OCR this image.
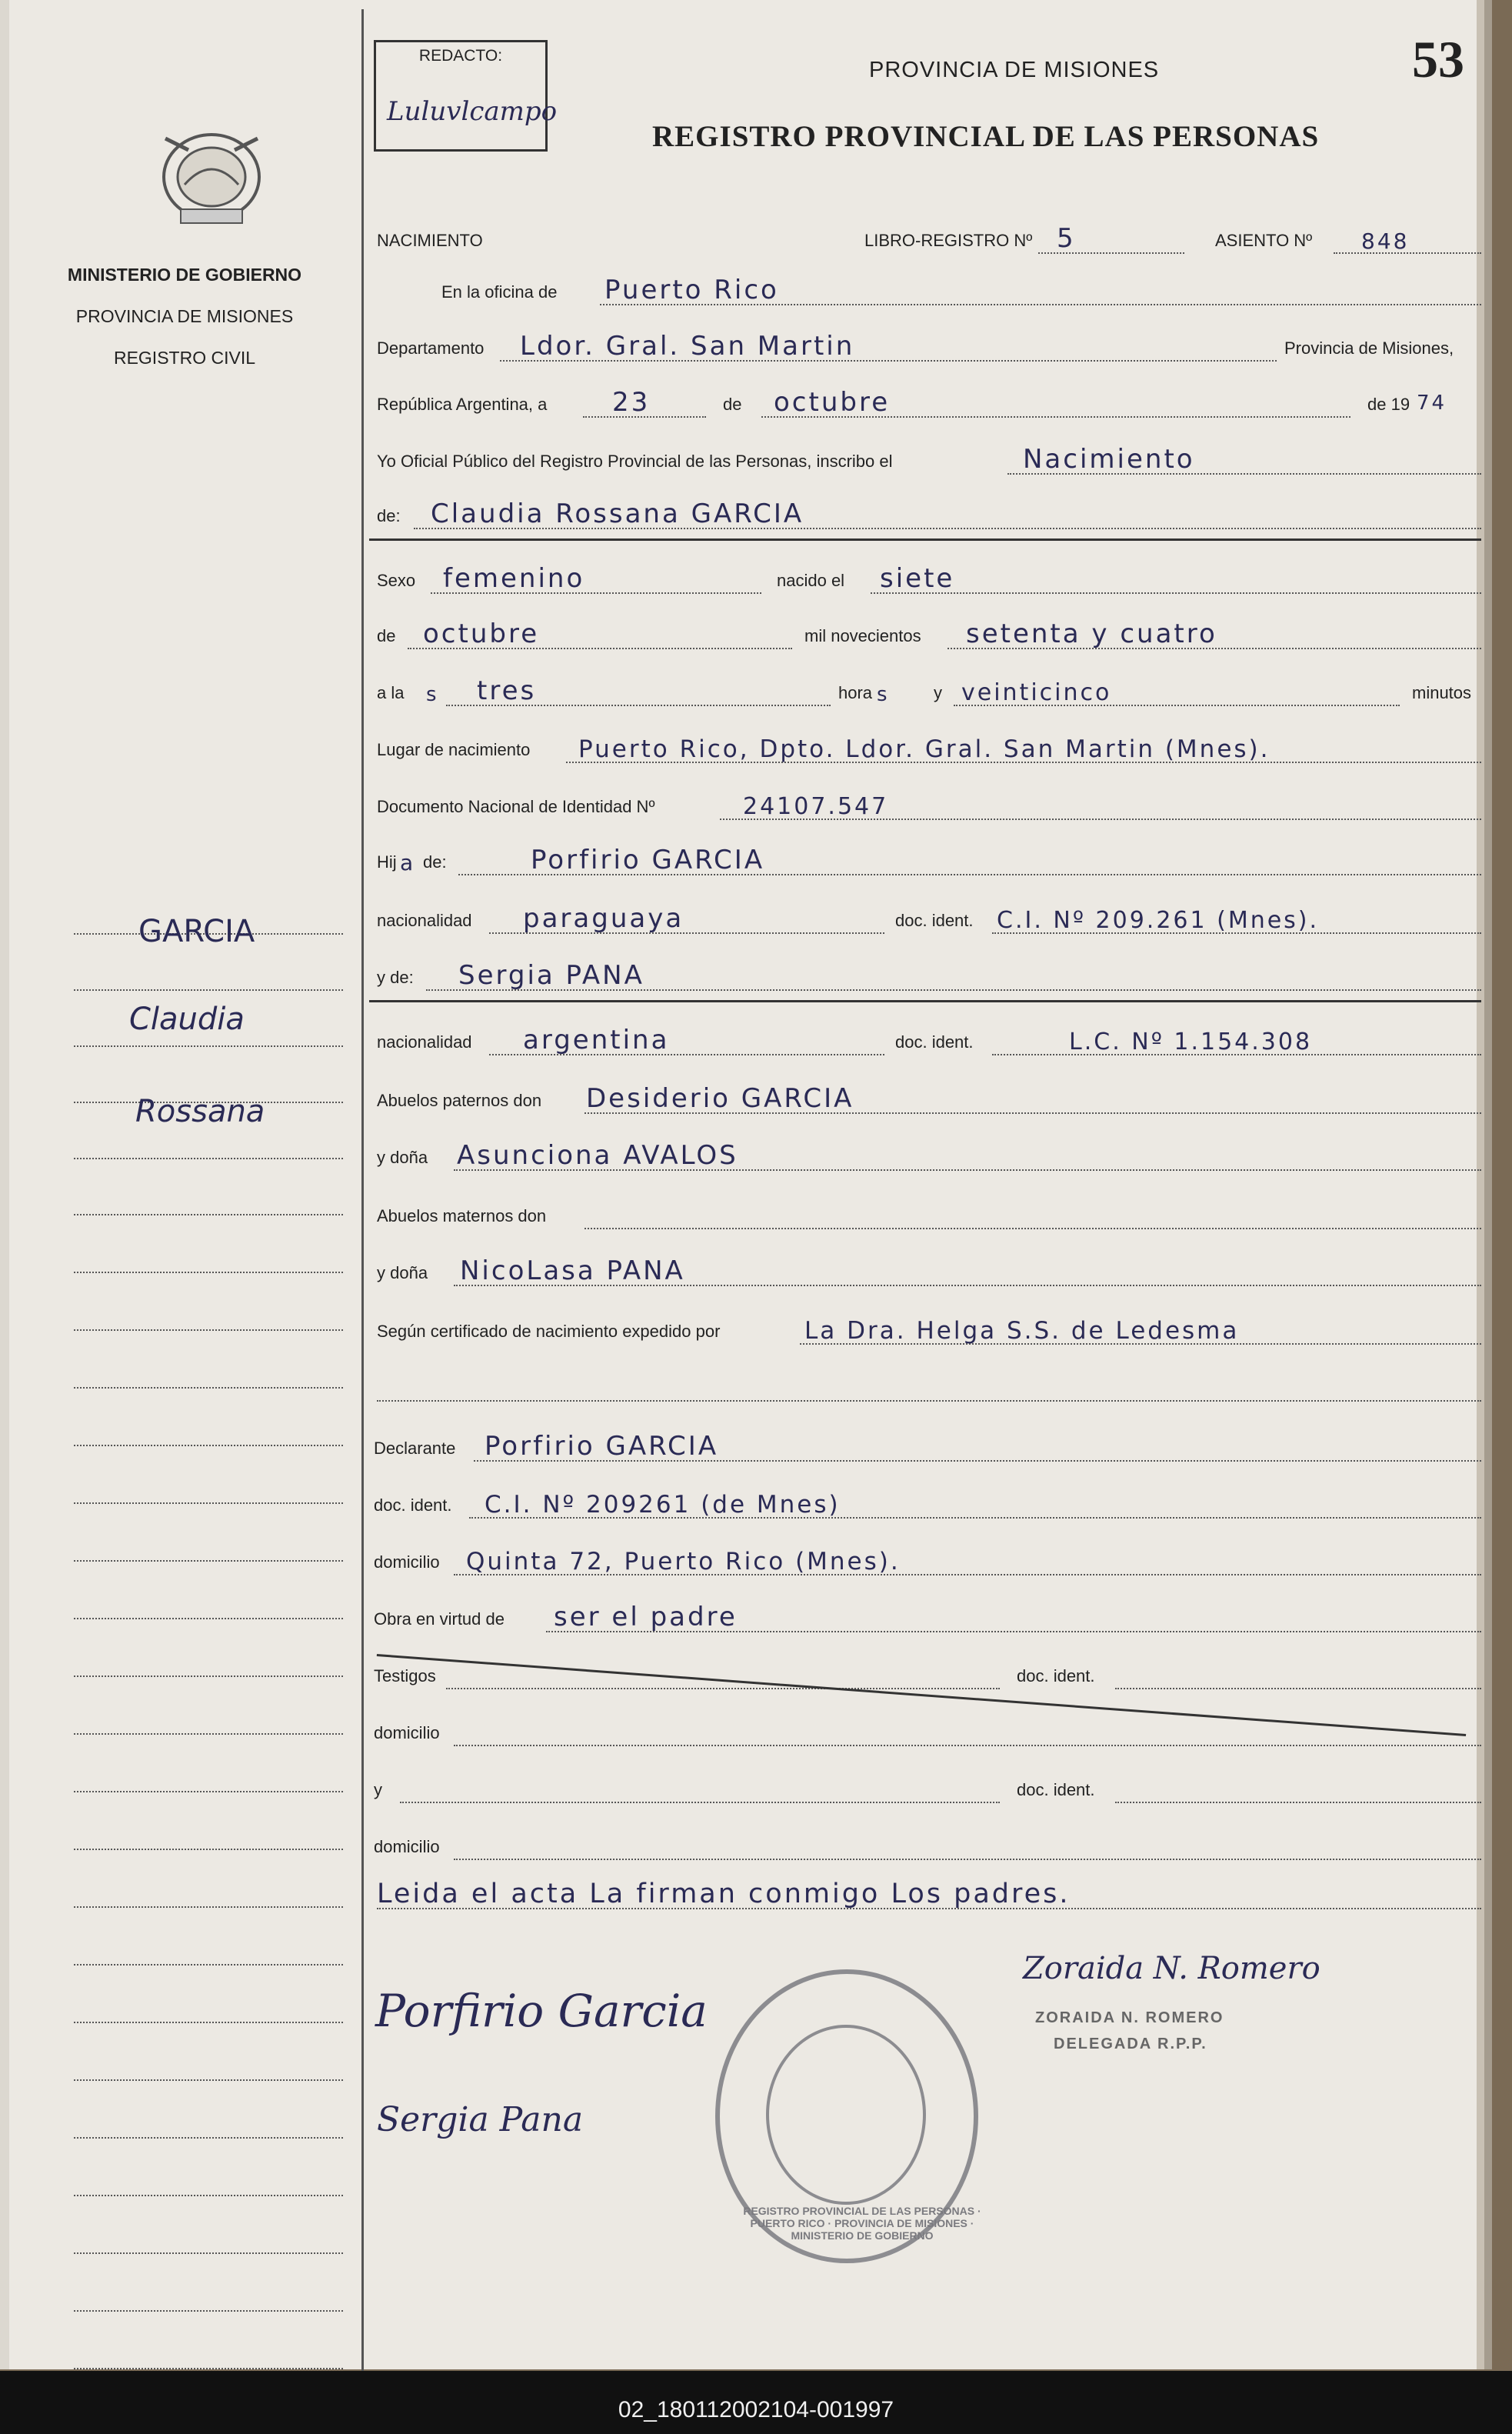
MINISTERIO DE GOBIERNO
PROVINCIA DE MISIONES
REGISTRO CIVIL
GARCIA
Claudia
Rossana
REDACTO:
Luluvlcampo
PROVINCIA DE MISIONES
REGISTRO PROVINCIAL DE LAS PERSONAS
53
NACIMIENTO	LIBRO-REGISTRO Nº 5	ASIENTO Nº 848
En la oficina de Puerto Rico
Departamento Ldor. Gral. San Martin	Provincia de Misiones,
República Argentina, a 23	de octubre	de 19 74
Yo Oficial Público del Registro Provincial de las Personas, inscribo el	Nacimiento
de: Claudia Rossana GARCIA
Sexo femenino	nacido el siete
de octubre	mil novecientos setenta y cuatro
a la s tres	hora s	y veinticinco	minutos
Lugar de nacimiento Puerto Rico, Dpto. Ldor. Gral. San Martin (Mnes).
Documento Nacional de Identidad Nº	24107.547
Hij a de:	Porfirio GARCIA
nacionalidad paraguaya	doc. ident. C.I. Nº 209.261 (Mnes).
y de: Sergia PANA
nacionalidad argentina	doc. ident.	L.C. Nº 1.154.308
Abuelos paternos don Desiderio GARCIA
y doña Asunciona AVALOS
Abuelos maternos don
y doña NicoLasa PANA
Según certificado de nacimiento expedido por	La Dra. Helga S.S. de Ledesma
Declarante Porfirio GARCIA
doc. ident. C.I. Nº 209261 (de Mnes)
domicilio Quinta 72, Puerto Rico (Mnes).
Obra en virtud de ser el padre
Testigos	doc. ident.
domicilio
y	doc. ident.
domicilio
Leida el acta La firman conmigo Los padres.
REGISTRO PROVINCIAL DE LAS PERSONAS · PUERTO RICO · PROVINCIA DE MISIONES · MINISTERIO DE GOBIERNO
Porfirio Garcia
Sergia Pana
Zoraida N. Romero
ZORAIDA N. ROMERO
DELEGADA R.P.P.
02_180112002104-001997
